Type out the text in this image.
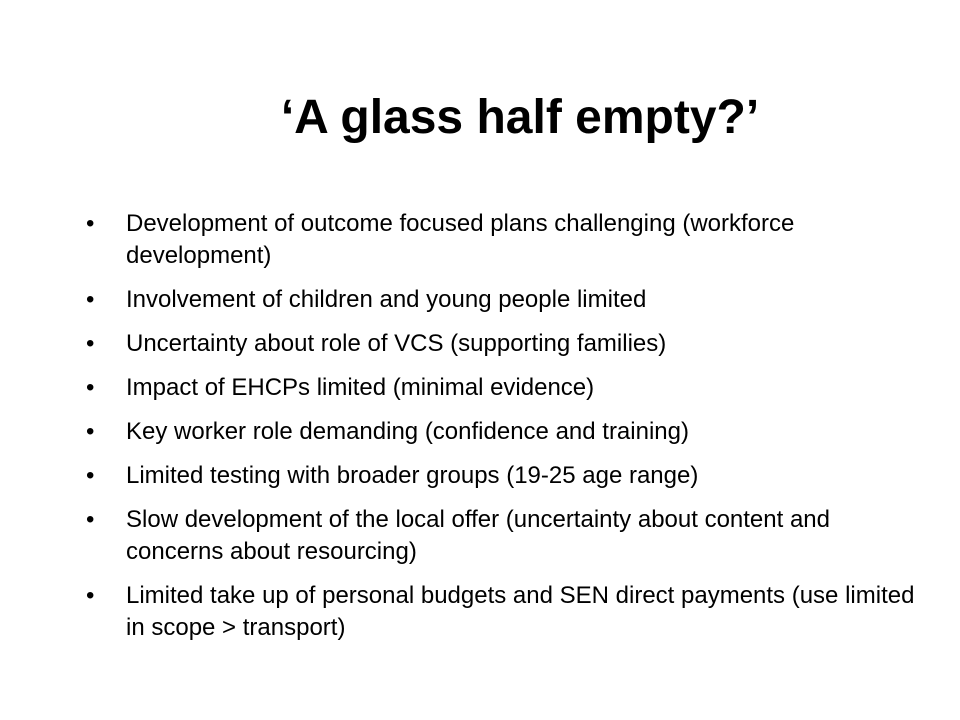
‘A glass half empty?’
•	Development of outcome focused plans challenging (workforce development)
•	Involvement of children and young people limited
•	Uncertainty about role of VCS (supporting families)
•	Impact of EHCPs limited (minimal evidence)
•	Key worker role demanding (confidence and training)
•	Limited testing with broader groups (19-25 age range)
•	Slow development of the local offer (uncertainty about content and concerns about resourcing)
•	Limited take up of personal budgets and SEN direct payments (use limited in scope > transport)
